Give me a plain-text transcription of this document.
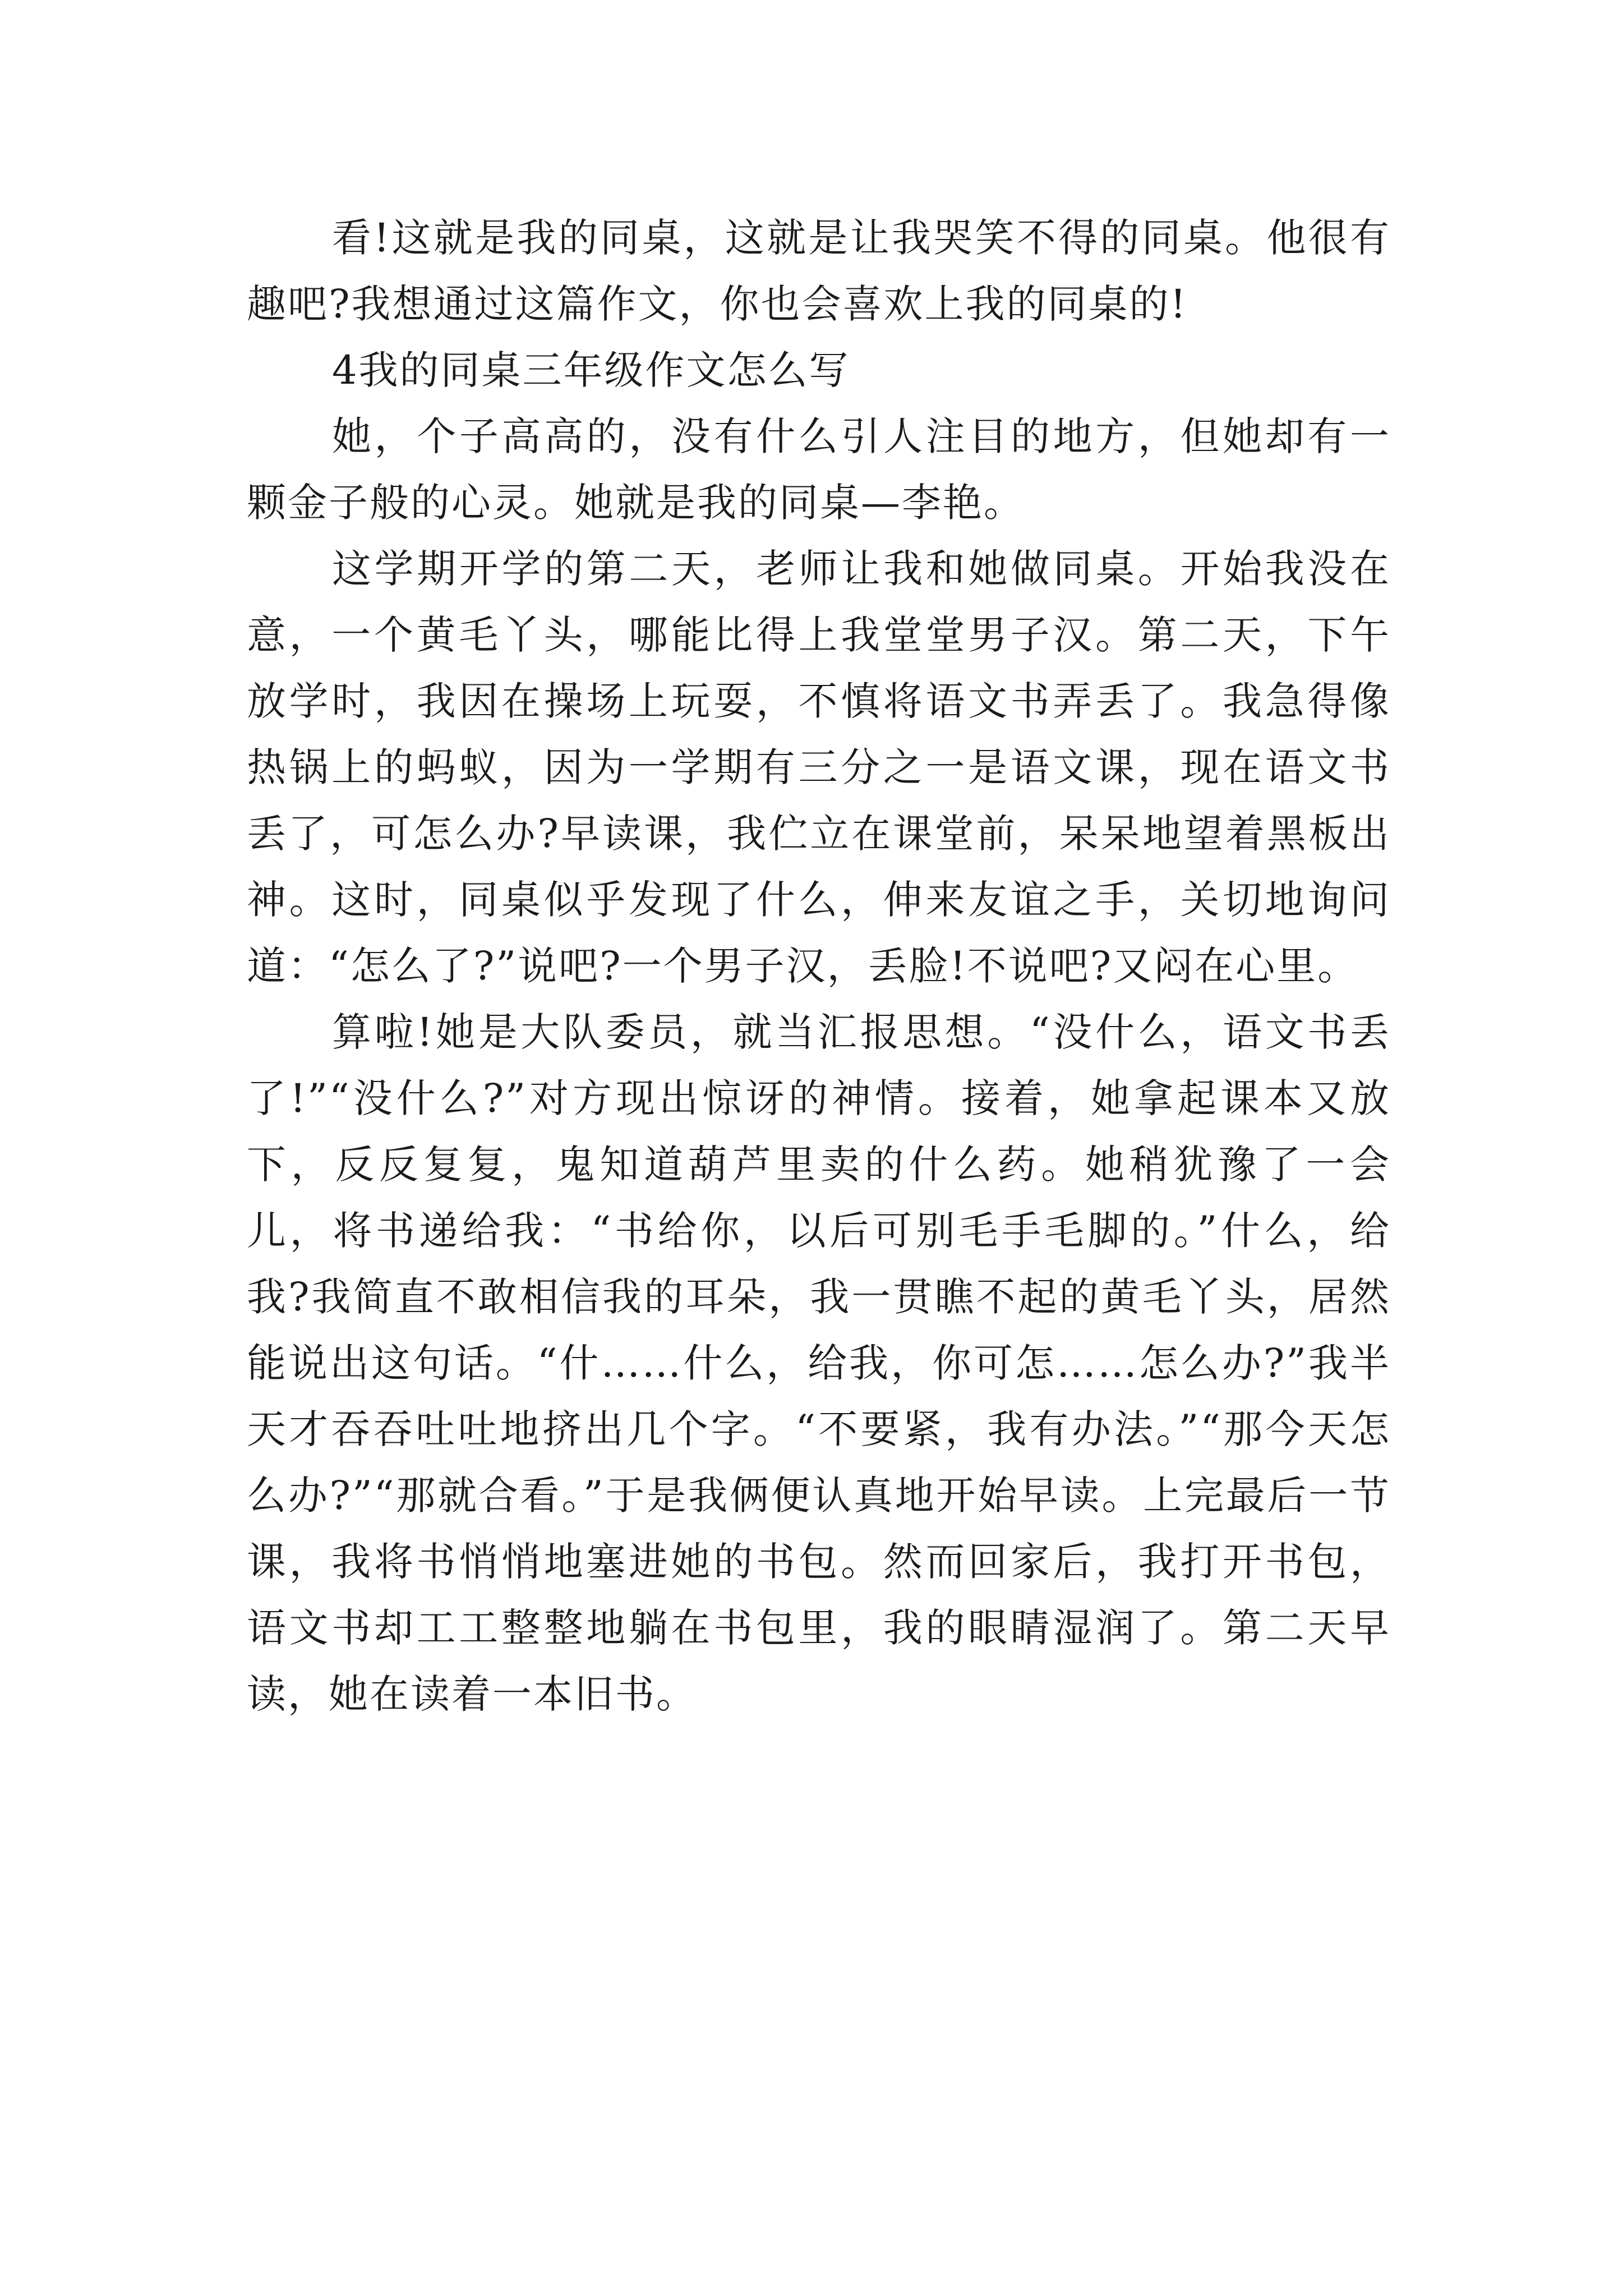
看!这就是我的同桌，这就是让我哭笑不得的同桌。他很有趣吧?我想通过这篇作文，你也会喜欢上我的同桌的!

4我的同桌三年级作文怎么写

她，个子高高的，没有什么引人注目的地方，但她却有一颗金子般的心灵。她就是我的同桌—李艳。

这学期开学的第二天，老师让我和她做同桌。开始我没在意，一个黄毛丫头，哪能比得上我堂堂男子汉。第二天，下午放学时，我因在操场上玩耍，不慎将语文书弄丢了。我急得像热锅上的蚂蚁，因为一学期有三分之一是语文课，现在语文书丢了，可怎么办?早读课，我伫立在课堂前，呆呆地望着黑板出神。这时，同桌似乎发现了什么，伸来友谊之手，关切地询问道：“怎么了?”说吧?一个男子汉，丢脸!不说吧?又闷在心里。

算啦!她是大队委员，就当汇报思想。“没什么，语文书丢了!”“没什么?”对方现出惊讶的神情。接着，她拿起课本又放下，反反复复，鬼知道葫芦里卖的什么药。她稍犹豫了一会儿，将书递给我：“书给你，以后可别毛手毛脚的。”什么，给我?我简直不敢相信我的耳朵，我一贯瞧不起的黄毛丫头，居然能说出这句话。“什……什么，给我，你可怎……怎么办?”我半天才吞吞吐吐地挤出几个字。“不要紧，我有办法。”“那今天怎么办?”“那就合看。”于是我俩便认真地开始早读。上完最后一节课，我将书悄悄地塞进她的书包。然而回家后，我打开书包，语文书却工工整整地躺在书包里，我的眼睛湿润了。第二天早读，她在读着一本旧书。
